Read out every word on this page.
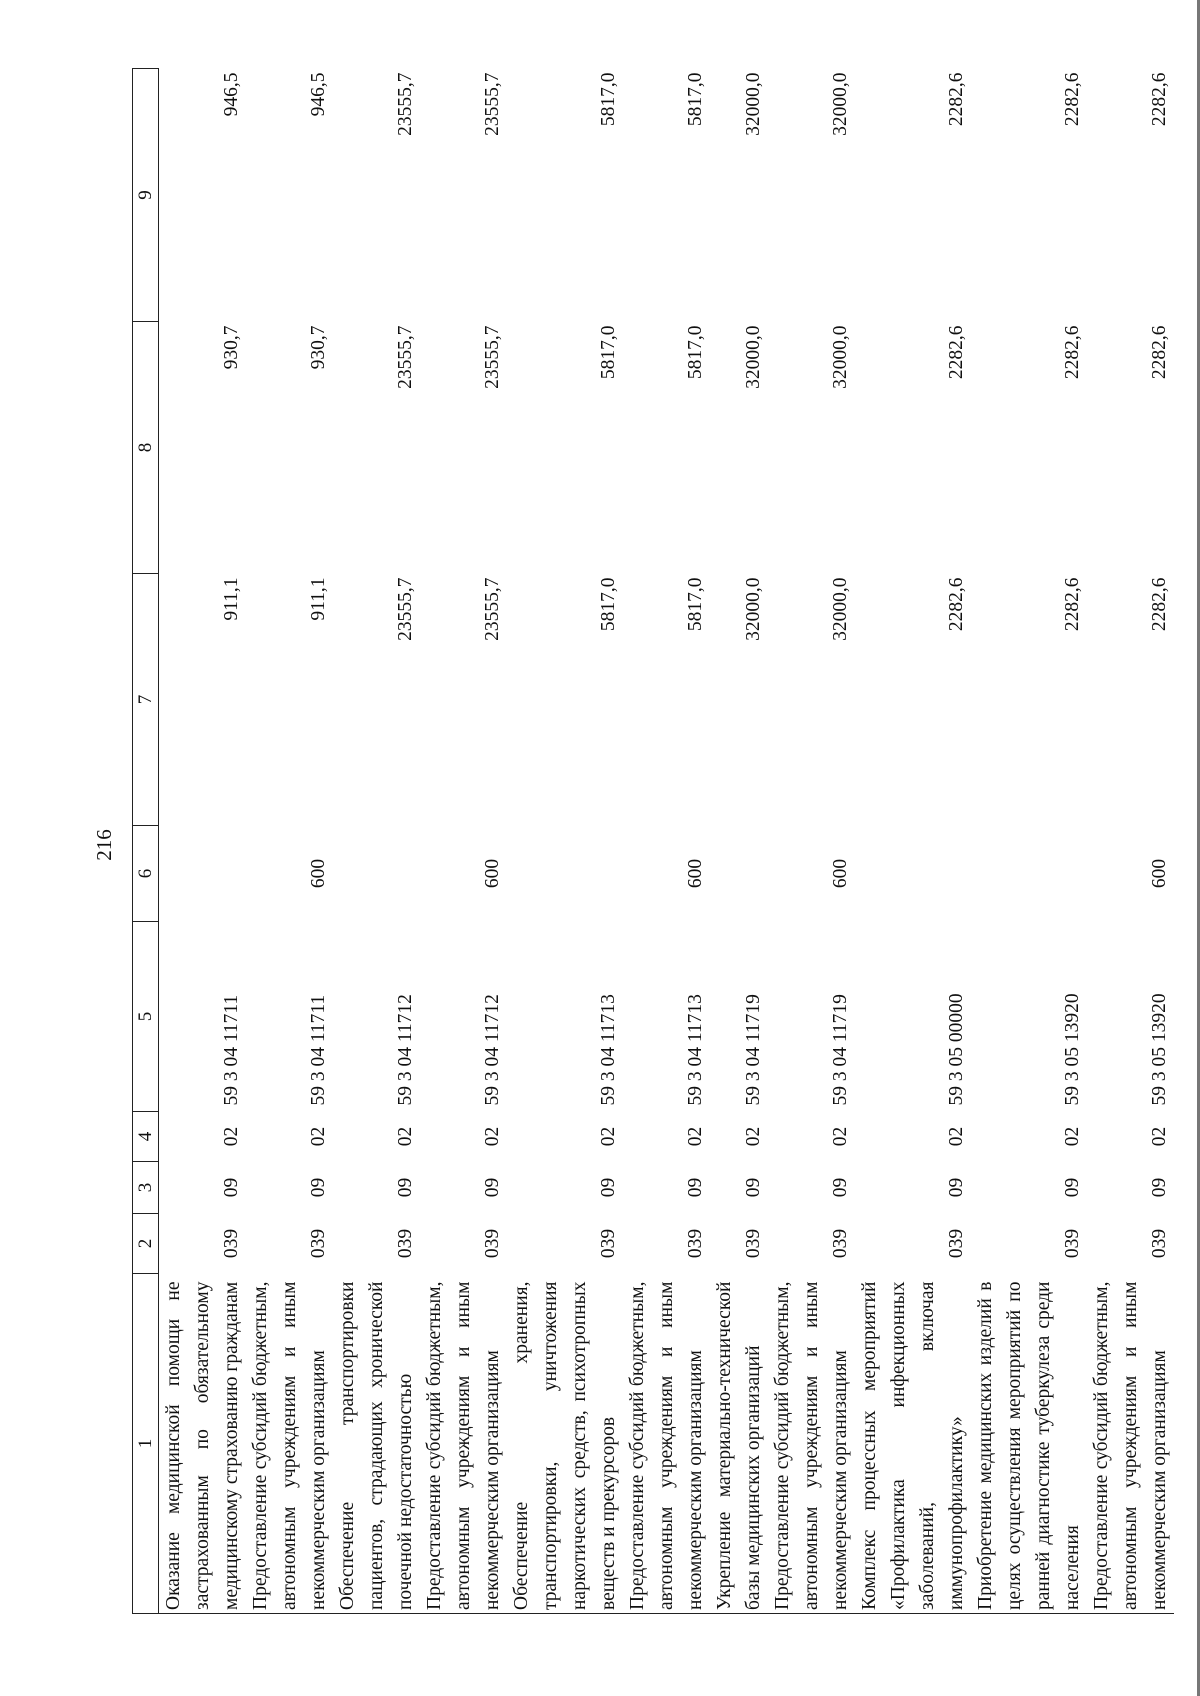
216
1	2	3	4	5	6	7	8	9
Оказание медицинской помощи не застрахованным по обязательному медицинскому страхованию гражданам	039	09	02	59 3 04 11711		911,1	930,7	946,5
Предоставление субсидий бюджетным, автономным учреждениям и иным некоммерческим организациям	039	09	02	59 3 04 11711	600	911,1	930,7	946,5
Обеспечение транспортировки пациентов, страдающих хронической почечной недостаточностью	039	09	02	59 3 04 11712		23555,7	23555,7	23555,7
Предоставление субсидий бюджетным, автономным учреждениям и иным некоммерческим организациям	039	09	02	59 3 04 11712	600	23555,7	23555,7	23555,7
Обеспечение хранения, транспортировки, уничтожения наркотических средств, психотропных веществ и прекурсоров	039	09	02	59 3 04 11713		5817,0	5817,0	5817,0
Предоставление субсидий бюджетным, автономным учреждениям и иным некоммерческим организациям	039	09	02	59 3 04 11713	600	5817,0	5817,0	5817,0
Укрепление материально-технической базы медицинских организаций	039	09	02	59 3 04 11719		32000,0	32000,0	32000,0
Предоставление субсидий бюджетным, автономным учреждениям и иным некоммерческим организациям	039	09	02	59 3 04 11719	600	32000,0	32000,0	32000,0
Комплекс процессных мероприятий «Профилактика инфекционных заболеваний, включая иммунопрофилактику»	039	09	02	59 3 05 00000		2282,6	2282,6	2282,6
Приобретение медицинских изделий в целях осуществления мероприятий по ранней диагностике туберкулеза среди населения	039	09	02	59 3 05 13920		2282,6	2282,6	2282,6
Предоставление субсидий бюджетным, автономным учреждениям и иным некоммерческим организациям	039	09	02	59 3 05 13920	600	2282,6	2282,6	2282,6
